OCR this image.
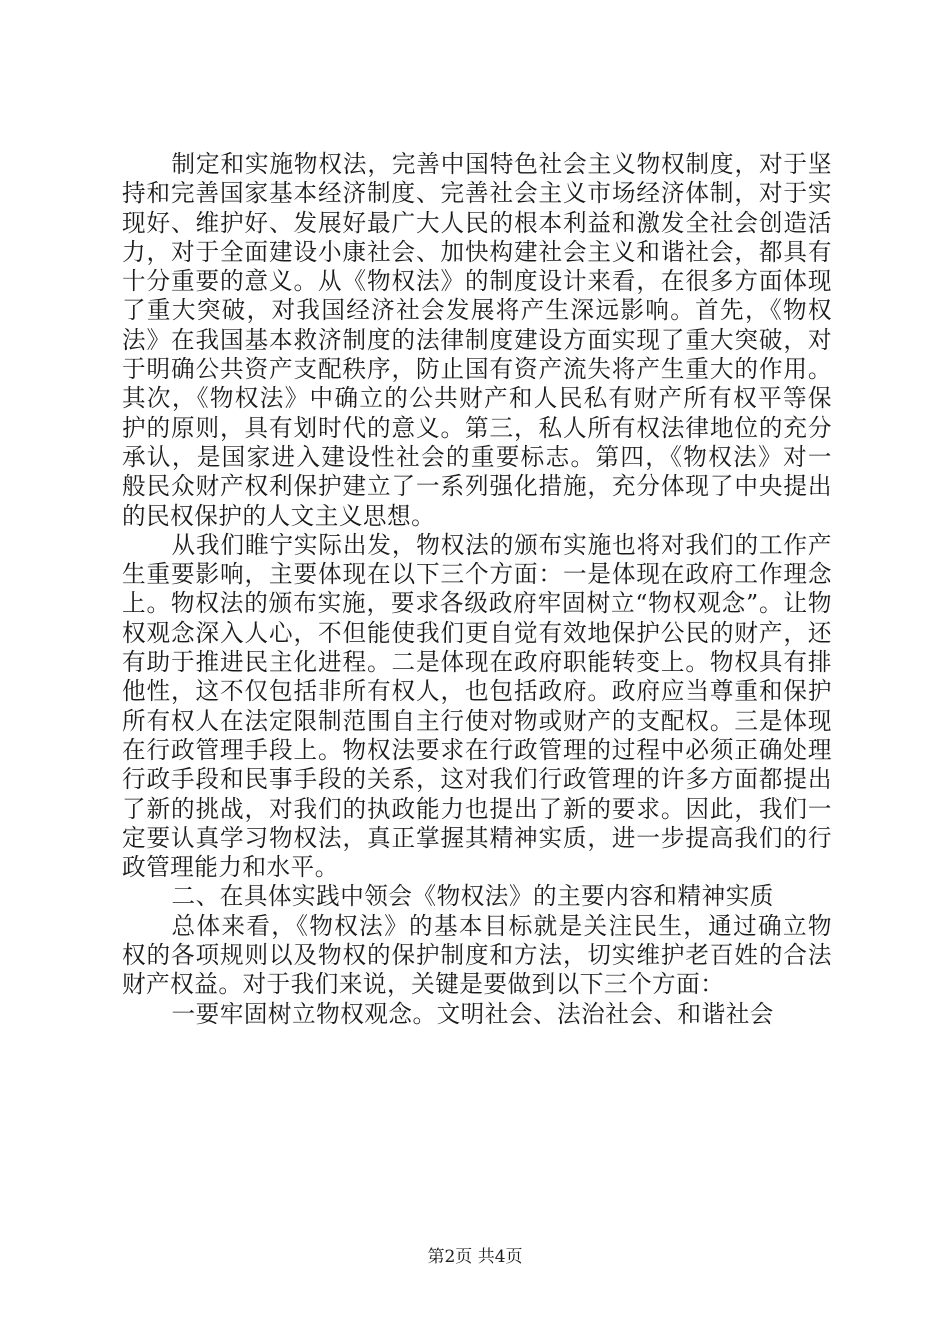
制定和实施物权法，完善中国特色社会主义物权制度，对于坚持和完善国家基本经济制度、完善社会主义市场经济体制，对于实现好、维护好、发展好最广大人民的根本利益和激发全社会创造活力，对于全面建设小康社会、加快构建社会主义和谐社会，都具有十分重要的意义。从《物权法》的制度设计来看，在很多方面体现了重大突破，对我国经济社会发展将产生深远影响。首先，《物权法》在我国基本救济制度的法律制度建设方面实现了重大突破，对于明确公共资产支配秩序，防止国有资产流失将产生重大的作用。其次，《物权法》中确立的公共财产和人民私有财产所有权平等保护的原则，具有划时代的意义。第三，私人所有权法律地位的充分承认，是国家进入建设性社会的重要标志。第四，《物权法》对一般民众财产权利保护建立了一系列强化措施，充分体现了中央提出的民权保护的人文主义思想。

从我们睢宁实际出发，物权法的颁布实施也将对我们的工作产生重要影响，主要体现在以下三个方面：一是体现在政府工作理念上。物权法的颁布实施，要求各级政府牢固树立“物权观念”。让物权观念深入人心，不但能使我们更自觉有效地保护公民的财产，还有助于推进民主化进程。二是体现在政府职能转变上。物权具有排他性，这不仅包括非所有权人，也包括政府。政府应当尊重和保护所有权人在法定限制范围自主行使对物或财产的支配权。三是体现在行政管理手段上。物权法要求在行政管理的过程中必须正确处理行政手段和民事手段的关系，这对我们行政管理的许多方面都提出了新的挑战，对我们的执政能力也提出了新的要求。因此，我们一定要认真学习物权法，真正掌握其精神实质，进一步提高我们的行政管理能力和水平。

二、在具体实践中领会《物权法》的主要内容和精神实质

总体来看，《物权法》的基本目标就是关注民生，通过确立物权的各项规则以及物权的保护制度和方法，切实维护老百姓的合法财产权益。对于我们来说，关键是要做到以下三个方面：

一要牢固树立物权观念。文明社会、法治社会、和谐社会

第2页 共4页
